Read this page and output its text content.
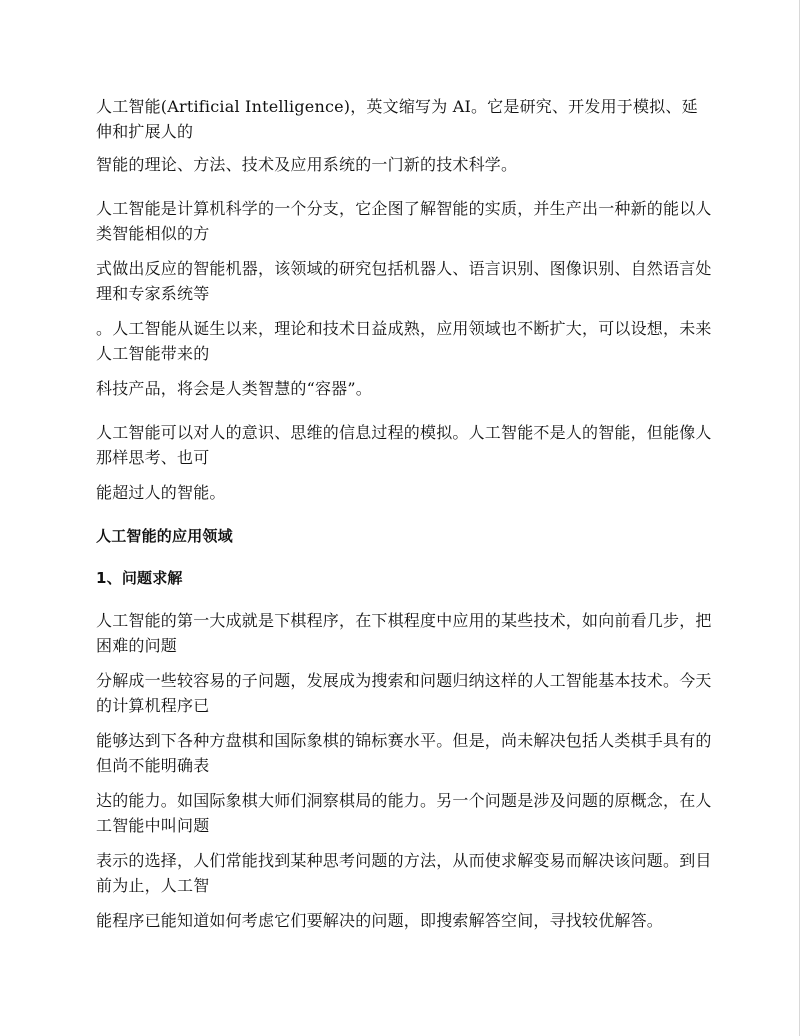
人工智能(Artificial Intelligence)，英文缩写为 AI。它是研究、开发用于模拟、延伸和扩展人的

智能的理论、方法、技术及应用系统的一门新的技术科学。

人工智能是计算机科学的一个分支，它企图了解智能的实质，并生产出一种新的能以人类智能相似的方

式做出反应的智能机器，该领域的研究包括机器人、语言识别、图像识别、自然语言处理和专家系统等

。人工智能从诞生以来，理论和技术日益成熟，应用领域也不断扩大，可以设想，未来人工智能带来的

科技产品，将会是人类智慧的“容器”。

人工智能可以对人的意识、思维的信息过程的模拟。人工智能不是人的智能，但能像人那样思考、也可

能超过人的智能。

人工智能的应用领域

1、问题求解

人工智能的第一大成就是下棋程序，在下棋程度中应用的某些技术，如向前看几步，把困难的问题

分解成一些较容易的子问题，发展成为搜索和问题归纳这样的人工智能基本技术。今天的计算机程序已

能够达到下各种方盘棋和国际象棋的锦标赛水平。但是，尚未解决包括人类棋手具有的但尚不能明确表

达的能力。如国际象棋大师们洞察棋局的能力。另一个问题是涉及问题的原概念，在人工智能中叫问题

表示的选择，人们常能找到某种思考问题的方法，从而使求解变易而解决该问题。到目前为止，人工智

能程序已能知道如何考虑它们要解决的问题，即搜索解答空间，寻找较优解答。
